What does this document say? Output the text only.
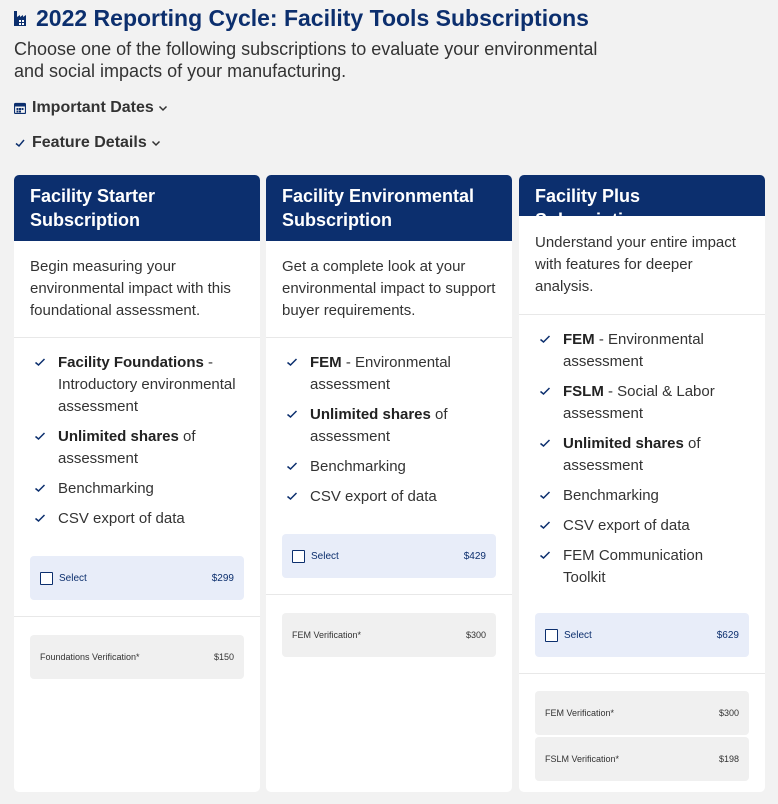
2022 Reporting Cycle: Facility Tools Subscriptions
Choose one of the following subscriptions to evaluate your environmental and social impacts of your manufacturing.
Important Dates
Feature Details
Facility Starter Subscription
Begin measuring your environmental impact with this foundational assessment.
Facility Foundations - Introductory environmental assessment
Unlimited shares of assessment
Benchmarking
CSV export of data
Select	$299
Foundations Verification*	$150
Facility Environmental Subscription
Get a complete look at your environmental impact to support buyer requirements.
FEM - Environmental assessment
Unlimited shares of assessment
Benchmarking
CSV export of data
Select	$429
FEM Verification*	$300
Facility Plus Subscription
Understand your entire impact with features for deeper analysis.
FEM - Environmental assessment
FSLM - Social & Labor assessment
Unlimited shares of assessment
Benchmarking
CSV export of data
FEM Communication Toolkit
Select	$629
FEM Verification*	$300
FSLM Verification*	$198
